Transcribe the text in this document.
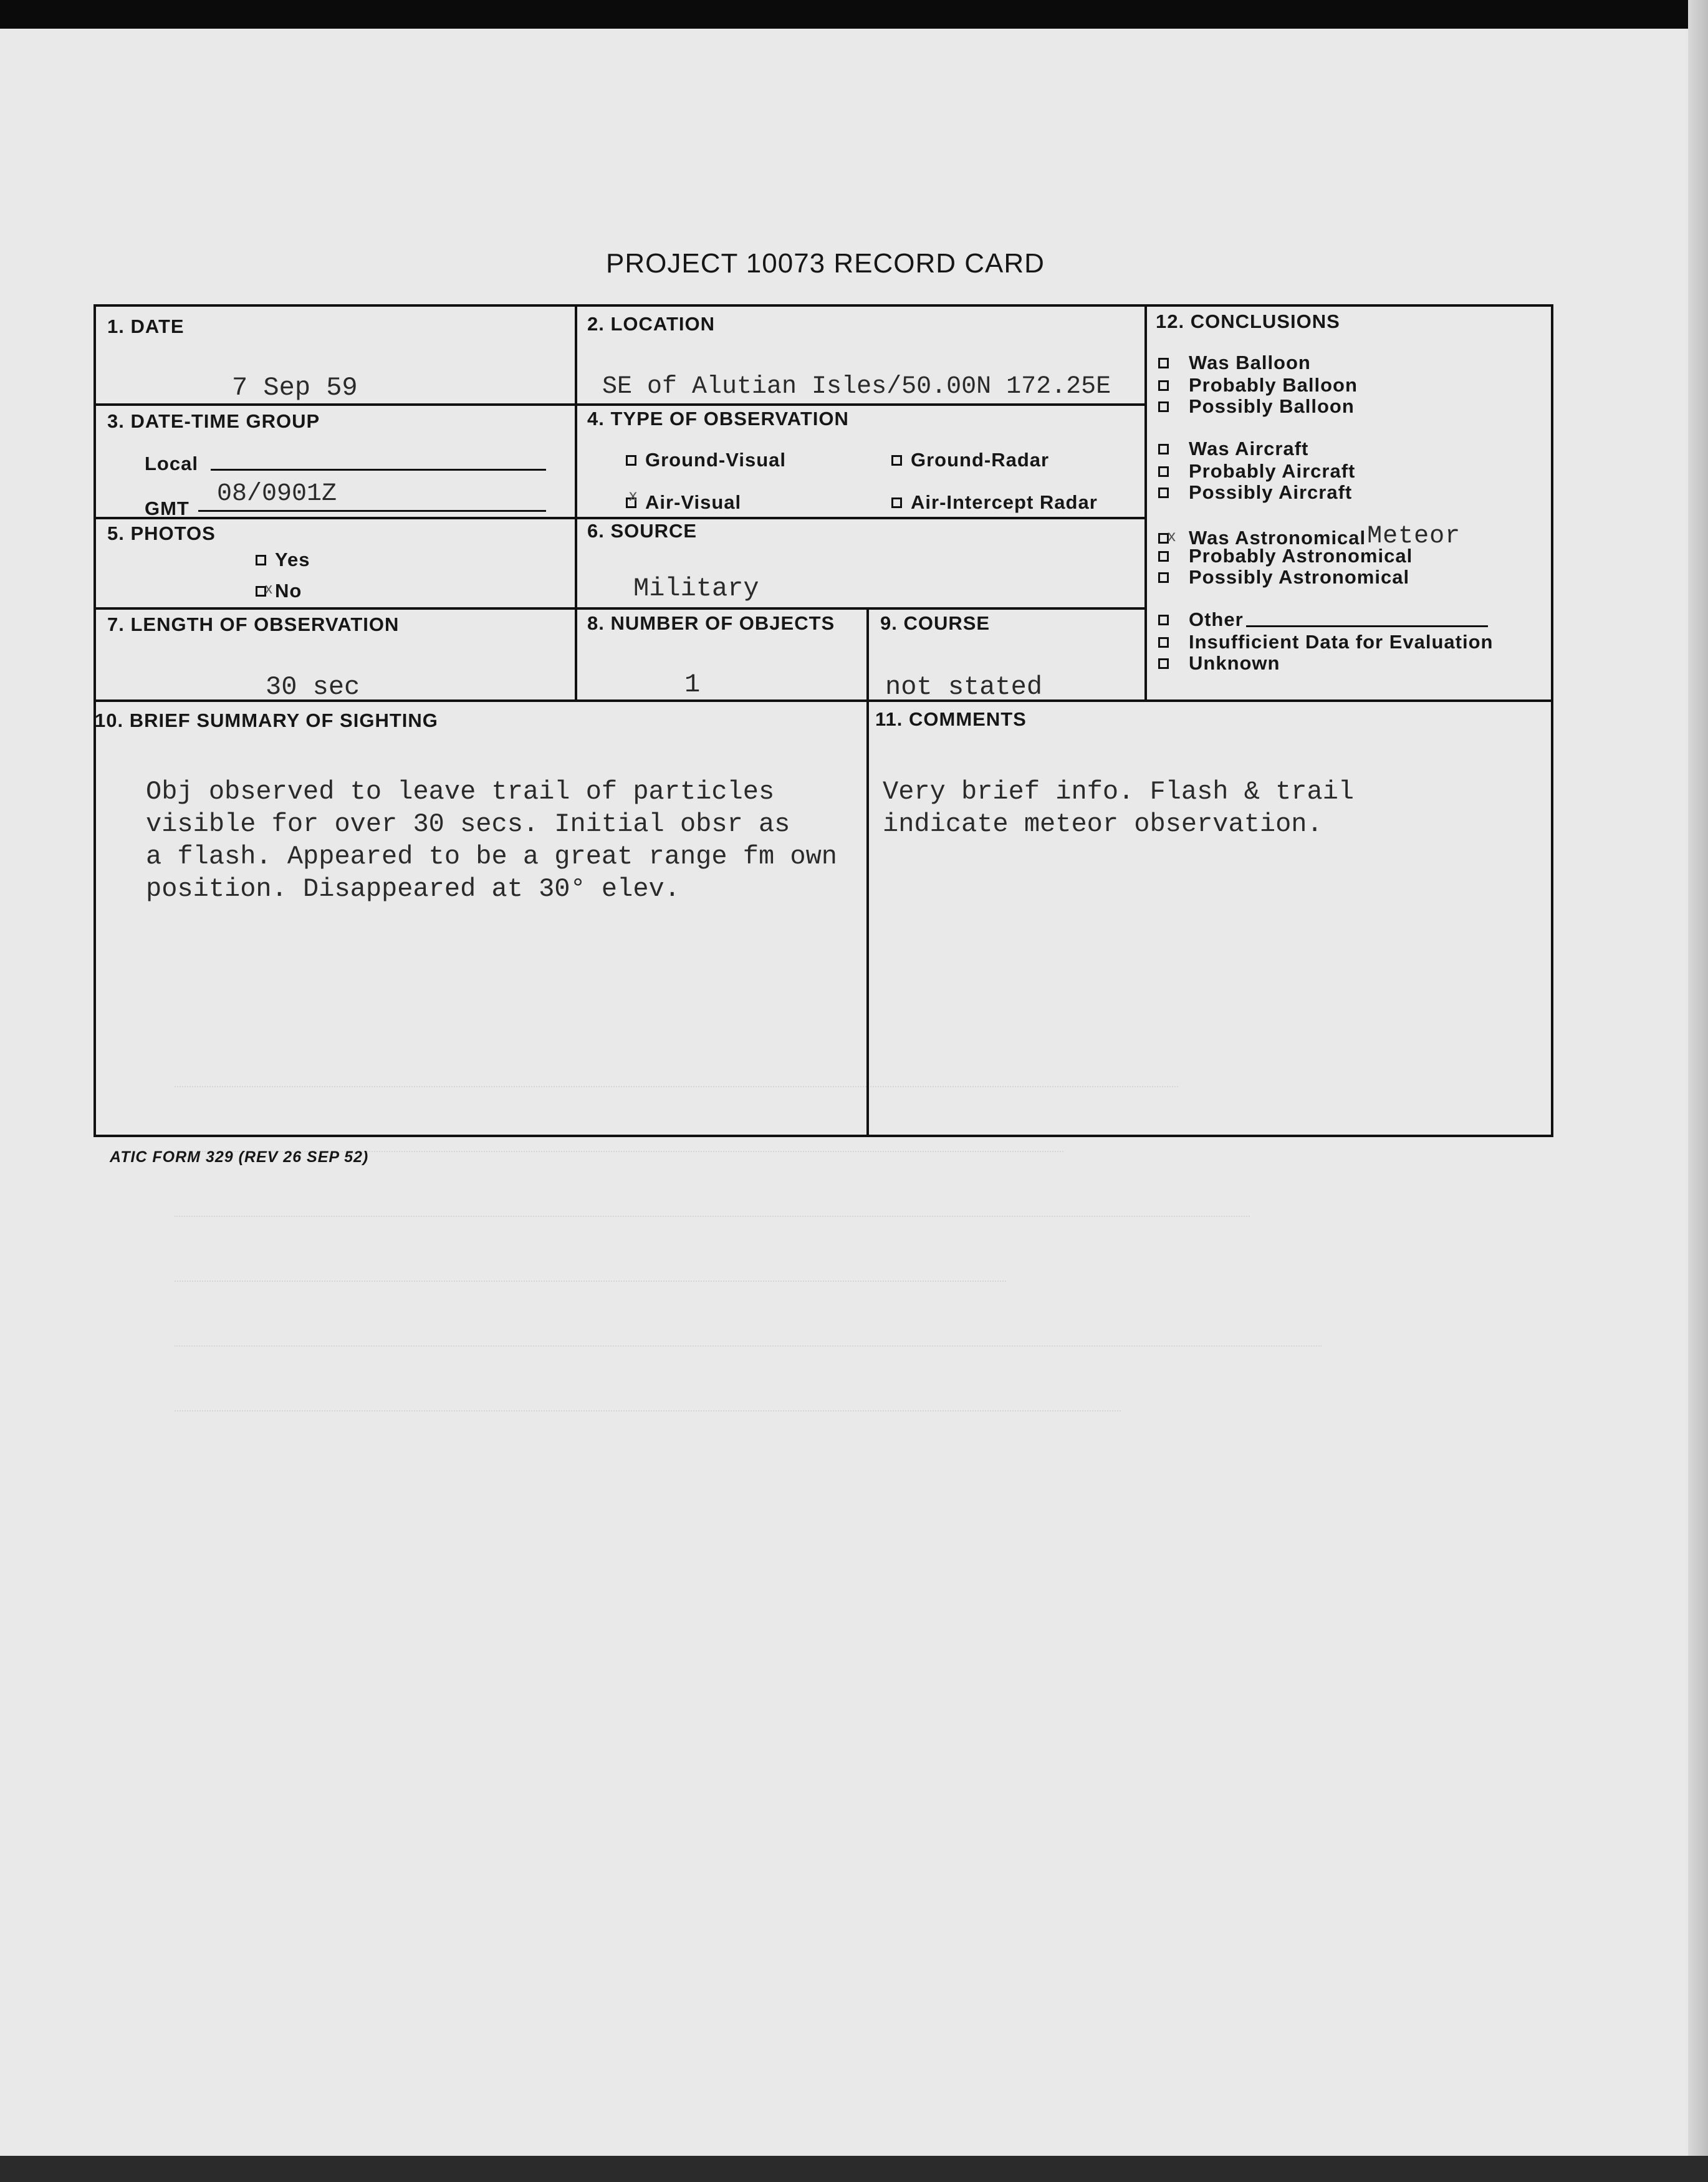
PROJECT 10073 RECORD CARD
1. DATE
7 Sep 59
2. LOCATION
SE of Alutian Isles/50.00N 172.25E
3. DATE-TIME GROUP
Local
GMT
08/0901Z
4. TYPE OF OBSERVATION
Ground-Visual	Ground-Radar
x Air-Visual	Air-Intercept Radar
5. PHOTOS
Yes
x No
6. SOURCE
Military
7. LENGTH OF OBSERVATION
30 sec
8. NUMBER OF OBJECTS
1
9. COURSE
not stated
10. BRIEF SUMMARY OF SIGHTING

Obj observed to leave trail of particles
visible for over 30 secs. Initial obsr as
a flash. Appeared to be a great range fm own
position. Disappeared at 30° elev.

11. COMMENTS

Very brief info. Flash & trail
indicate meteor observation.

12. CONCLUSIONS
Was Balloon
Probably Balloon
Possibly Balloon
Was Aircraft
Probably Aircraft
Possibly Aircraft
x Was AstronomicalMeteor
Probably Astronomical
Possibly Astronomical
Other
Insufficient Data for Evaluation
Unknown
ATIC FORM 329 (REV 26 SEP 52)
